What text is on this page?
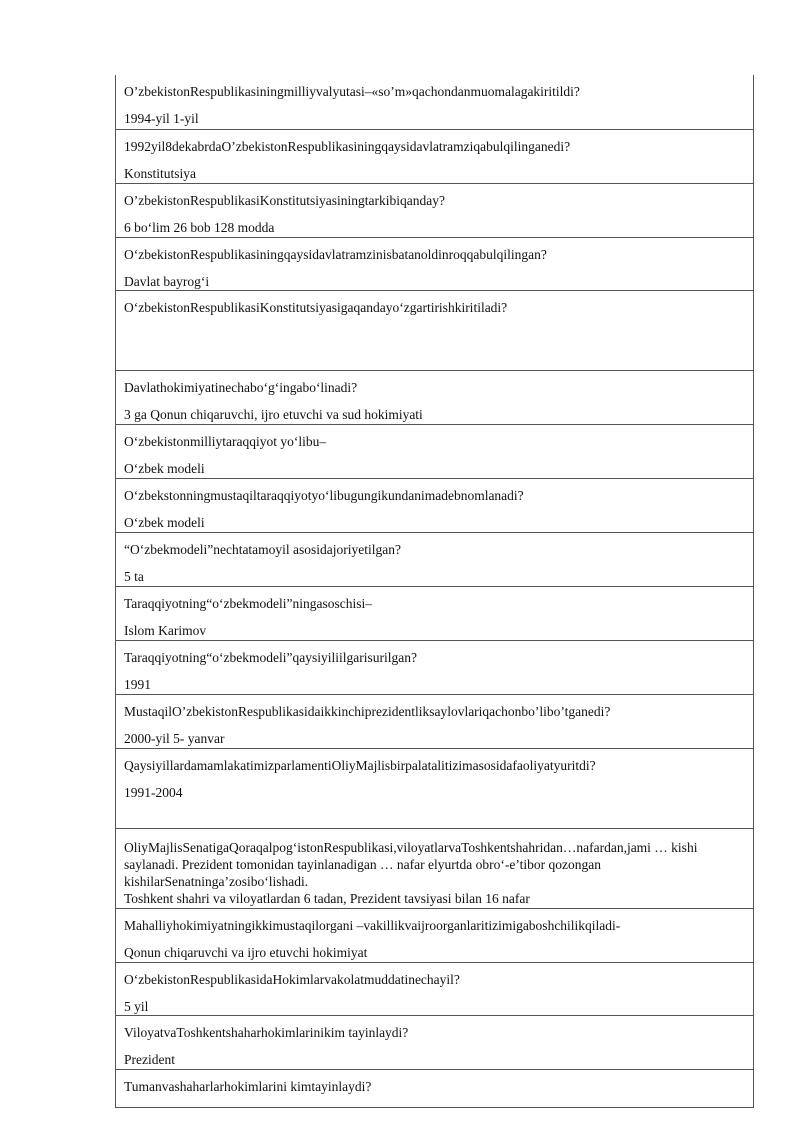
O’zbekistonRespublikasiningmilliyvalyutasi–«so’m»qachondanmuomalagakiritildi?
1994-yil 1-yil
1992yil8dekabrdaO’zbekistonRespublikasiningqaysidavlatramziqabulqilinganedi?
Konstitutsiya
O’zbekistonRespublikasiKonstitutsiyasiningtarkibiqanday?
6 bo‘lim 26 bob 128 modda
O‘zbekistonRespublikasiningqaysidavlatramzinisbatanoldinroqqabulqilingan?
Davlat bayrog‘i
O‘zbekistonRespublikasiKonstitutsiyasigaqandayo‘zgartirishkiritiladi?
Davlathokimiyatinechabo‘g‘ingabo‘linadi?
3 ga Qonun chiqaruvchi, ijro etuvchi va sud hokimiyati
O‘zbekistonmilliytaraqqiyot yo‘libu–
O‘zbek modeli
O‘zbekstonningmustaqiltaraqqiyotyo‘libugungikundanimadebnomlanadi?
O‘zbek modeli
“O‘zbekmodeli”nechtatamoyil asosidajoriyetilgan?
5 ta
Taraqqiyotning“o‘zbekmodeli”ningasoschisi–
Islom Karimov
Taraqqiyotning“o‘zbekmodeli”qaysiyiliilgarisurilgan?
1991
MustaqilO’zbekistonRespublikasidaikkinchiprezidentliksaylovlariqachonbo’libo’tganedi?
2000-yil 5- yanvar
QaysiyillardamamlakatimizparlamentiOliyMajlisbirpalatalitizimasosidafaoliyatyuritdi?
1991-2004
OliyMajlisSenatigaQoraqalpog‘istonRespublikasi,viloyatlarvaToshkentshahridan…nafardan,jami … kishi saylanadi. Prezident tomonidan tayinlanadigan … nafar elyurtda obro‘-e’tibor qozongan kishilarSenatninga’zosibo‘lishadi.
Toshkent shahri va viloyatlardan 6 tadan, Prezident tavsiyasi bilan 16 nafar
Mahalliyhokimiyatningikkimustaqilorgani –vakillikvaijroorganlaritizimigaboshchilikqiladi-
Qonun chiqaruvchi va ijro etuvchi hokimiyat
O‘zbekistonRespublikasidaHokimlarvakolatmuddatinechayil?
5 yil
ViloyatvaToshkentshaharhokimlarinikim tayinlaydi?
Prezident
Tumanvashaharlarhokimlarini kimtayinlaydi?
